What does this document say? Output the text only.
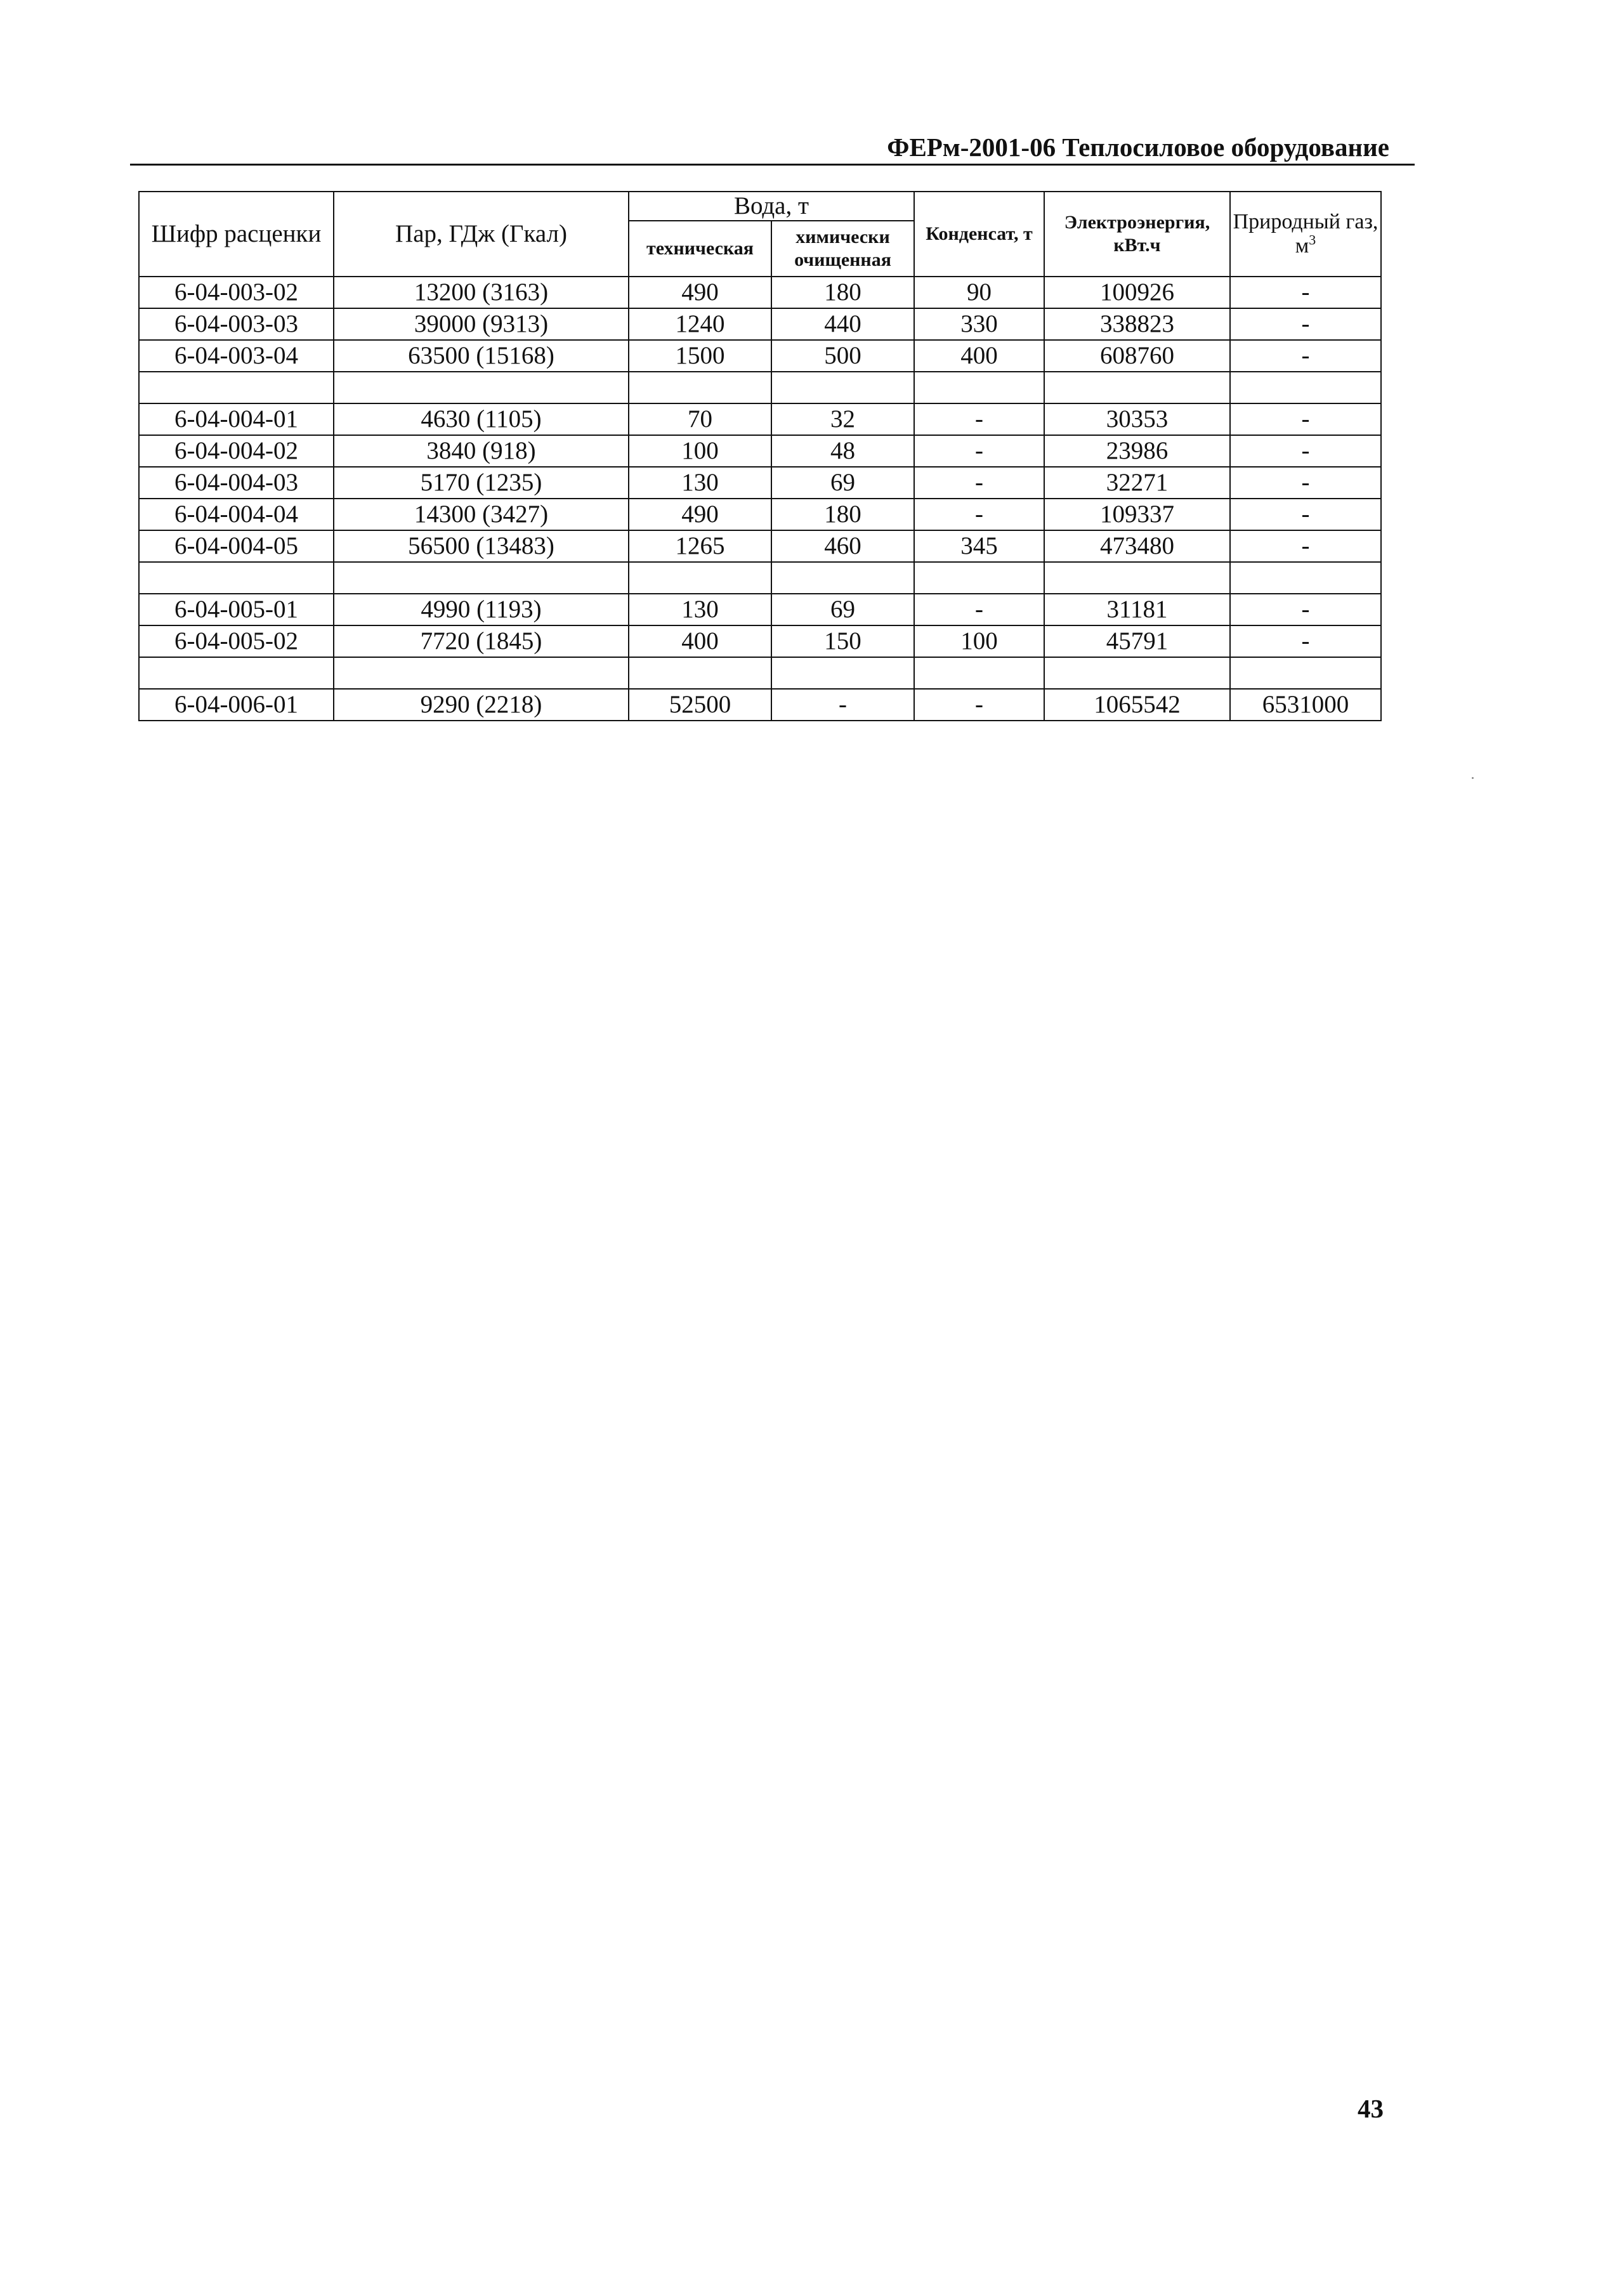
ФЕРм-2001-06 Теплосиловое оборудование
Шифр расценки	Пар, ГДж (Гкал)	Вода, т		Конденсат, т	Электроэнергия, кВт.ч	Природный газ, $м^3$
		техническая	химически очищенная			
6-04-003-02	13200 (3163)	490	180	90	100926	-
6-04-003-03	39000 (9313)	1240	440	330	338823	-
6-04-003-04	63500 (15168)	1500	500	400	608760	-

6-04-004-01	4630 (1105)	70	32	-	30353	-
6-04-004-02	3840 (918)	100	48	-	23986	-
6-04-004-03	5170 (1235)	130	69	-	32271	-
6-04-004-04	14300 (3427)	490	180	-	109337	-
6-04-004-05	56500 (13483)	1265	460	345	473480	-

6-04-005-01	4990 (1193)	130	69	-	31181	-
6-04-005-02	7720 (1845)	400	150	100	45791	-

6-04-006-01	9290 (2218)	52500	-	-	1065542	6531000
43
